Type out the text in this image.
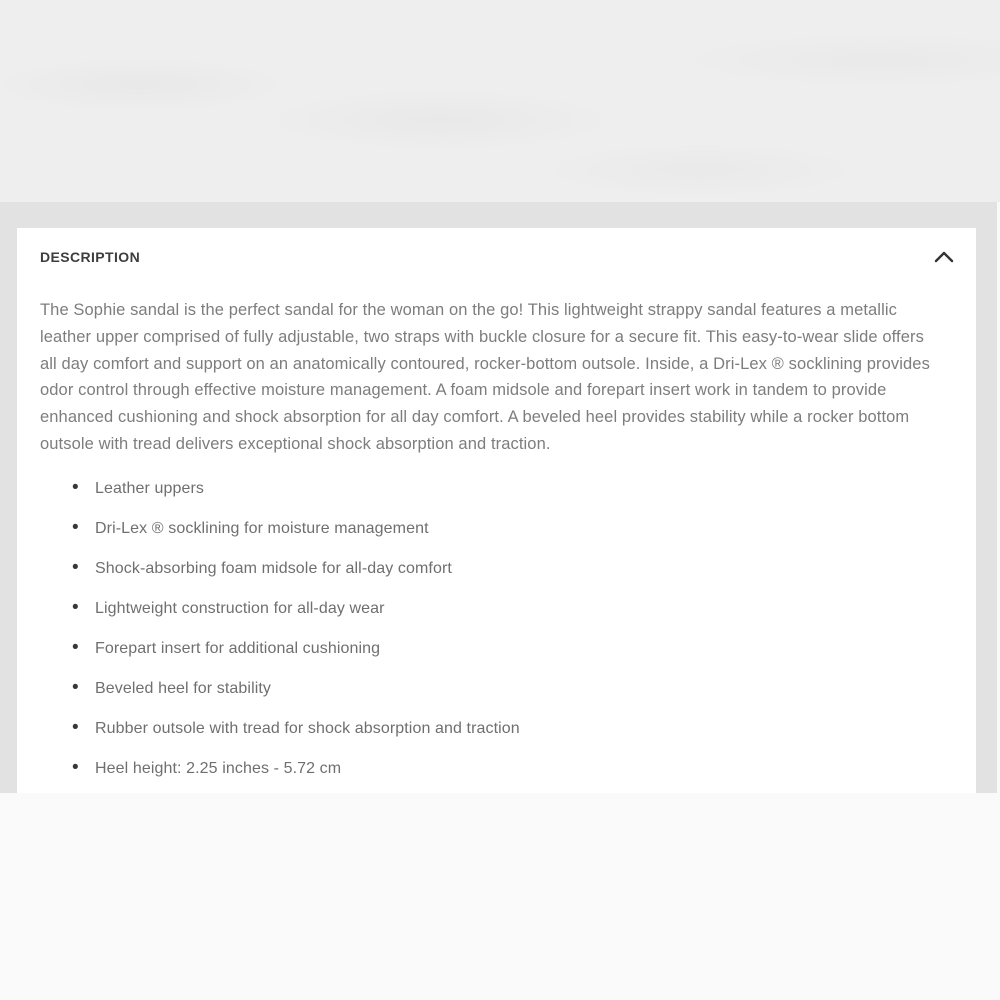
DESCRIPTION

The Sophie sandal is the perfect sandal for the woman on the go! This lightweight strappy sandal features a metallic leather upper comprised of fully adjustable, two straps with buckle closure for a secure fit. This easy-to-wear slide offers all day comfort and support on an anatomically contoured, rocker-bottom outsole. Inside, a Dri-Lex ® socklining provides odor control through effective moisture management. A foam midsole and forepart insert work in tandem to provide enhanced cushioning and shock absorption for all day comfort. A beveled heel provides stability while a rocker bottom outsole with tread delivers exceptional shock absorption and traction.

• Leather uppers
• Dri-Lex ® socklining for moisture management
• Shock-absorbing foam midsole for all-day comfort
• Lightweight construction for all-day wear
• Forepart insert for additional cushioning
• Beveled heel for stability
• Rubber outsole with tread for shock absorption and traction
• Heel height: 2.25 inches - 5.72 cm
